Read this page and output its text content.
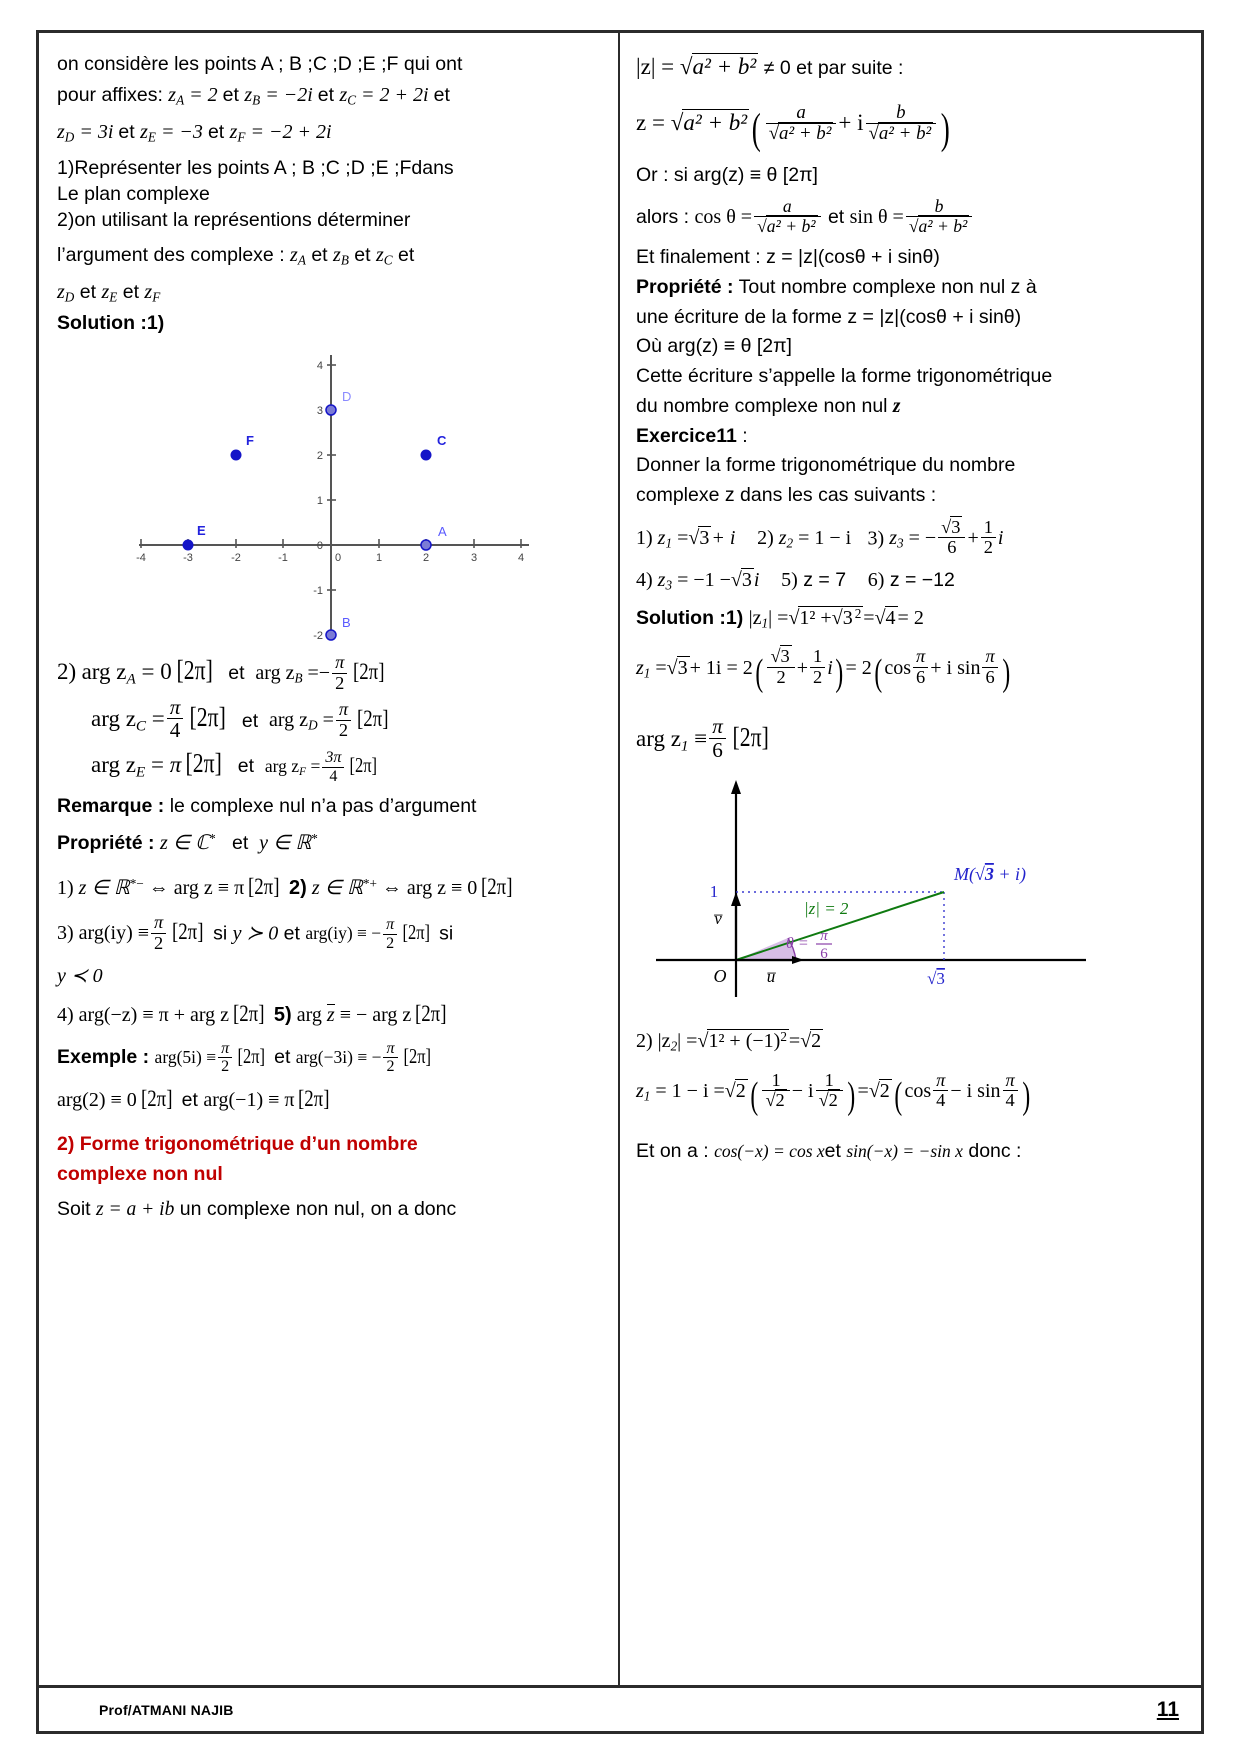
on considère les points A ; B ;C ;D ;E ;F qui ont

pour affixes: $z_A = 2$ et $z_B = -2i$ et $z_C = 2 + 2i$ et

$z_D = 3i$ et $z_E = -3$ et $z_F = -2 + 2i$

1)Représenter les points A ; B ;C ;D ;E ;Fdans

Le plan complexe

2)on utilisant la représentions déterminer

l’argument des complexe : $z_A$ et $z_B$ et $z_C$ et

$z_D$ et $z_E$ et $z_F$

Solution :1)

-4	-3	-2	-1	0	1	2	3	4
4
3
2
1
0
-1
-2
A
B
C
D
E
F

2) arg $z_A = 0$ [2π] et arg $z_B =- \frac{\pi}{2} [2\pi]$

arg $z_C = \frac{\pi}{4} [2\pi]$ et arg $z_D = \frac{\pi}{2} [2\pi]$

arg $z_E = \pi$ [2π] et arg $z_F = \frac{3\pi}{4} [2\pi]$

Remarque : le complexe nul n’a pas d’argument

Propriété : z ∈ ℂ* et y ∈ ℝ*

1) z ∈ ℝ*− ⇔ arg z ≡ π [2π] 2) z ∈ ℝ*+ ⇔ arg z ≡ 0 [2π]

3) $arg(iy) \equiv \frac{\pi}{2} [2\pi]$ si y ≻ 0 et arg(iy) ≡ − $\frac{\pi}{2} [2\pi]$ si

y ≺ 0

4) arg(−z) ≡ π + arg z [2π] 5) arg z ≡ − arg z [2π]

Exemple : $arg(5i) \equiv \frac{\pi}{2} [2\pi]$ et arg(−3i) ≡ − $\frac{\pi}{2} [2\pi]$

arg(2) ≡ 0 [2π] et arg(−1) ≡ π [2π]

2) Forme trigonométrique d’un nombre

complexe non nul

Soit z = a + ib un complexe non nul, on a donc

|z| = √a² + b² ≠ 0 et par suite :

z = √a² + b² ( $\frac{a}{\text{√a² + b²}} + i \frac{b}{\text{√a² + b²}}$ )

Or : si arg(z) ≡ θ [2π]

alors : $\cos \theta = \frac{a}{\text{√a² + b²}}$ et $\sin \theta = \frac{b}{\text{√a² + b²}}$

Et finalement : z = |z|(cosθ + i sinθ)

Propriété : Tout nombre complexe non nul z à

une écriture de la forme z = |z|(cosθ + i sinθ)

Où arg(z) ≡ θ [2π]

Cette écriture s’appelle la forme trigonométrique

du nombre complexe non nul z

Exercice11 :

Donner la forme trigonométrique du nombre

complexe z dans les cas suivants :

1) $z_1 =√3 + i$ 2) $z_2 = 1 - i$ 3) $z_3$ = − $\frac{√3}{6} + \frac{1}{2}$ i

4) $z_3 = -1 -√3$ i 5) z = 7 6) z = −12

Solution :1) $|z_1| =√1^2 +√3$ $^2$ =√4 = 2

$z_1 =√3 + 1i = 2( \frac{√3}{2} + \frac{1}{2} i) = 2$( $\cos \frac{\pi}{6} + i$ $\sin \frac{\pi}{6}$ )

arg $z_1 \equiv \frac{\pi}{6} [2\pi]$

1
v̅
O u̅	√3
M(√3 + i)
|z| = 2
θ = π
6

2) $|z_2| =√1^2 + (-1)^2 =√2$

$z_1 = 1 - i =√2$ ( $\frac{1}{√2} - i \frac{1}{√2}$ ) =√2 ( $\cos \frac{\pi}{4} - i$ $\sin \frac{\pi}{4}$ )

Et on a : cos(−x) = cos xet sin(−x) = −sin x donc :

Prof/ATMANI NAJIB	11
